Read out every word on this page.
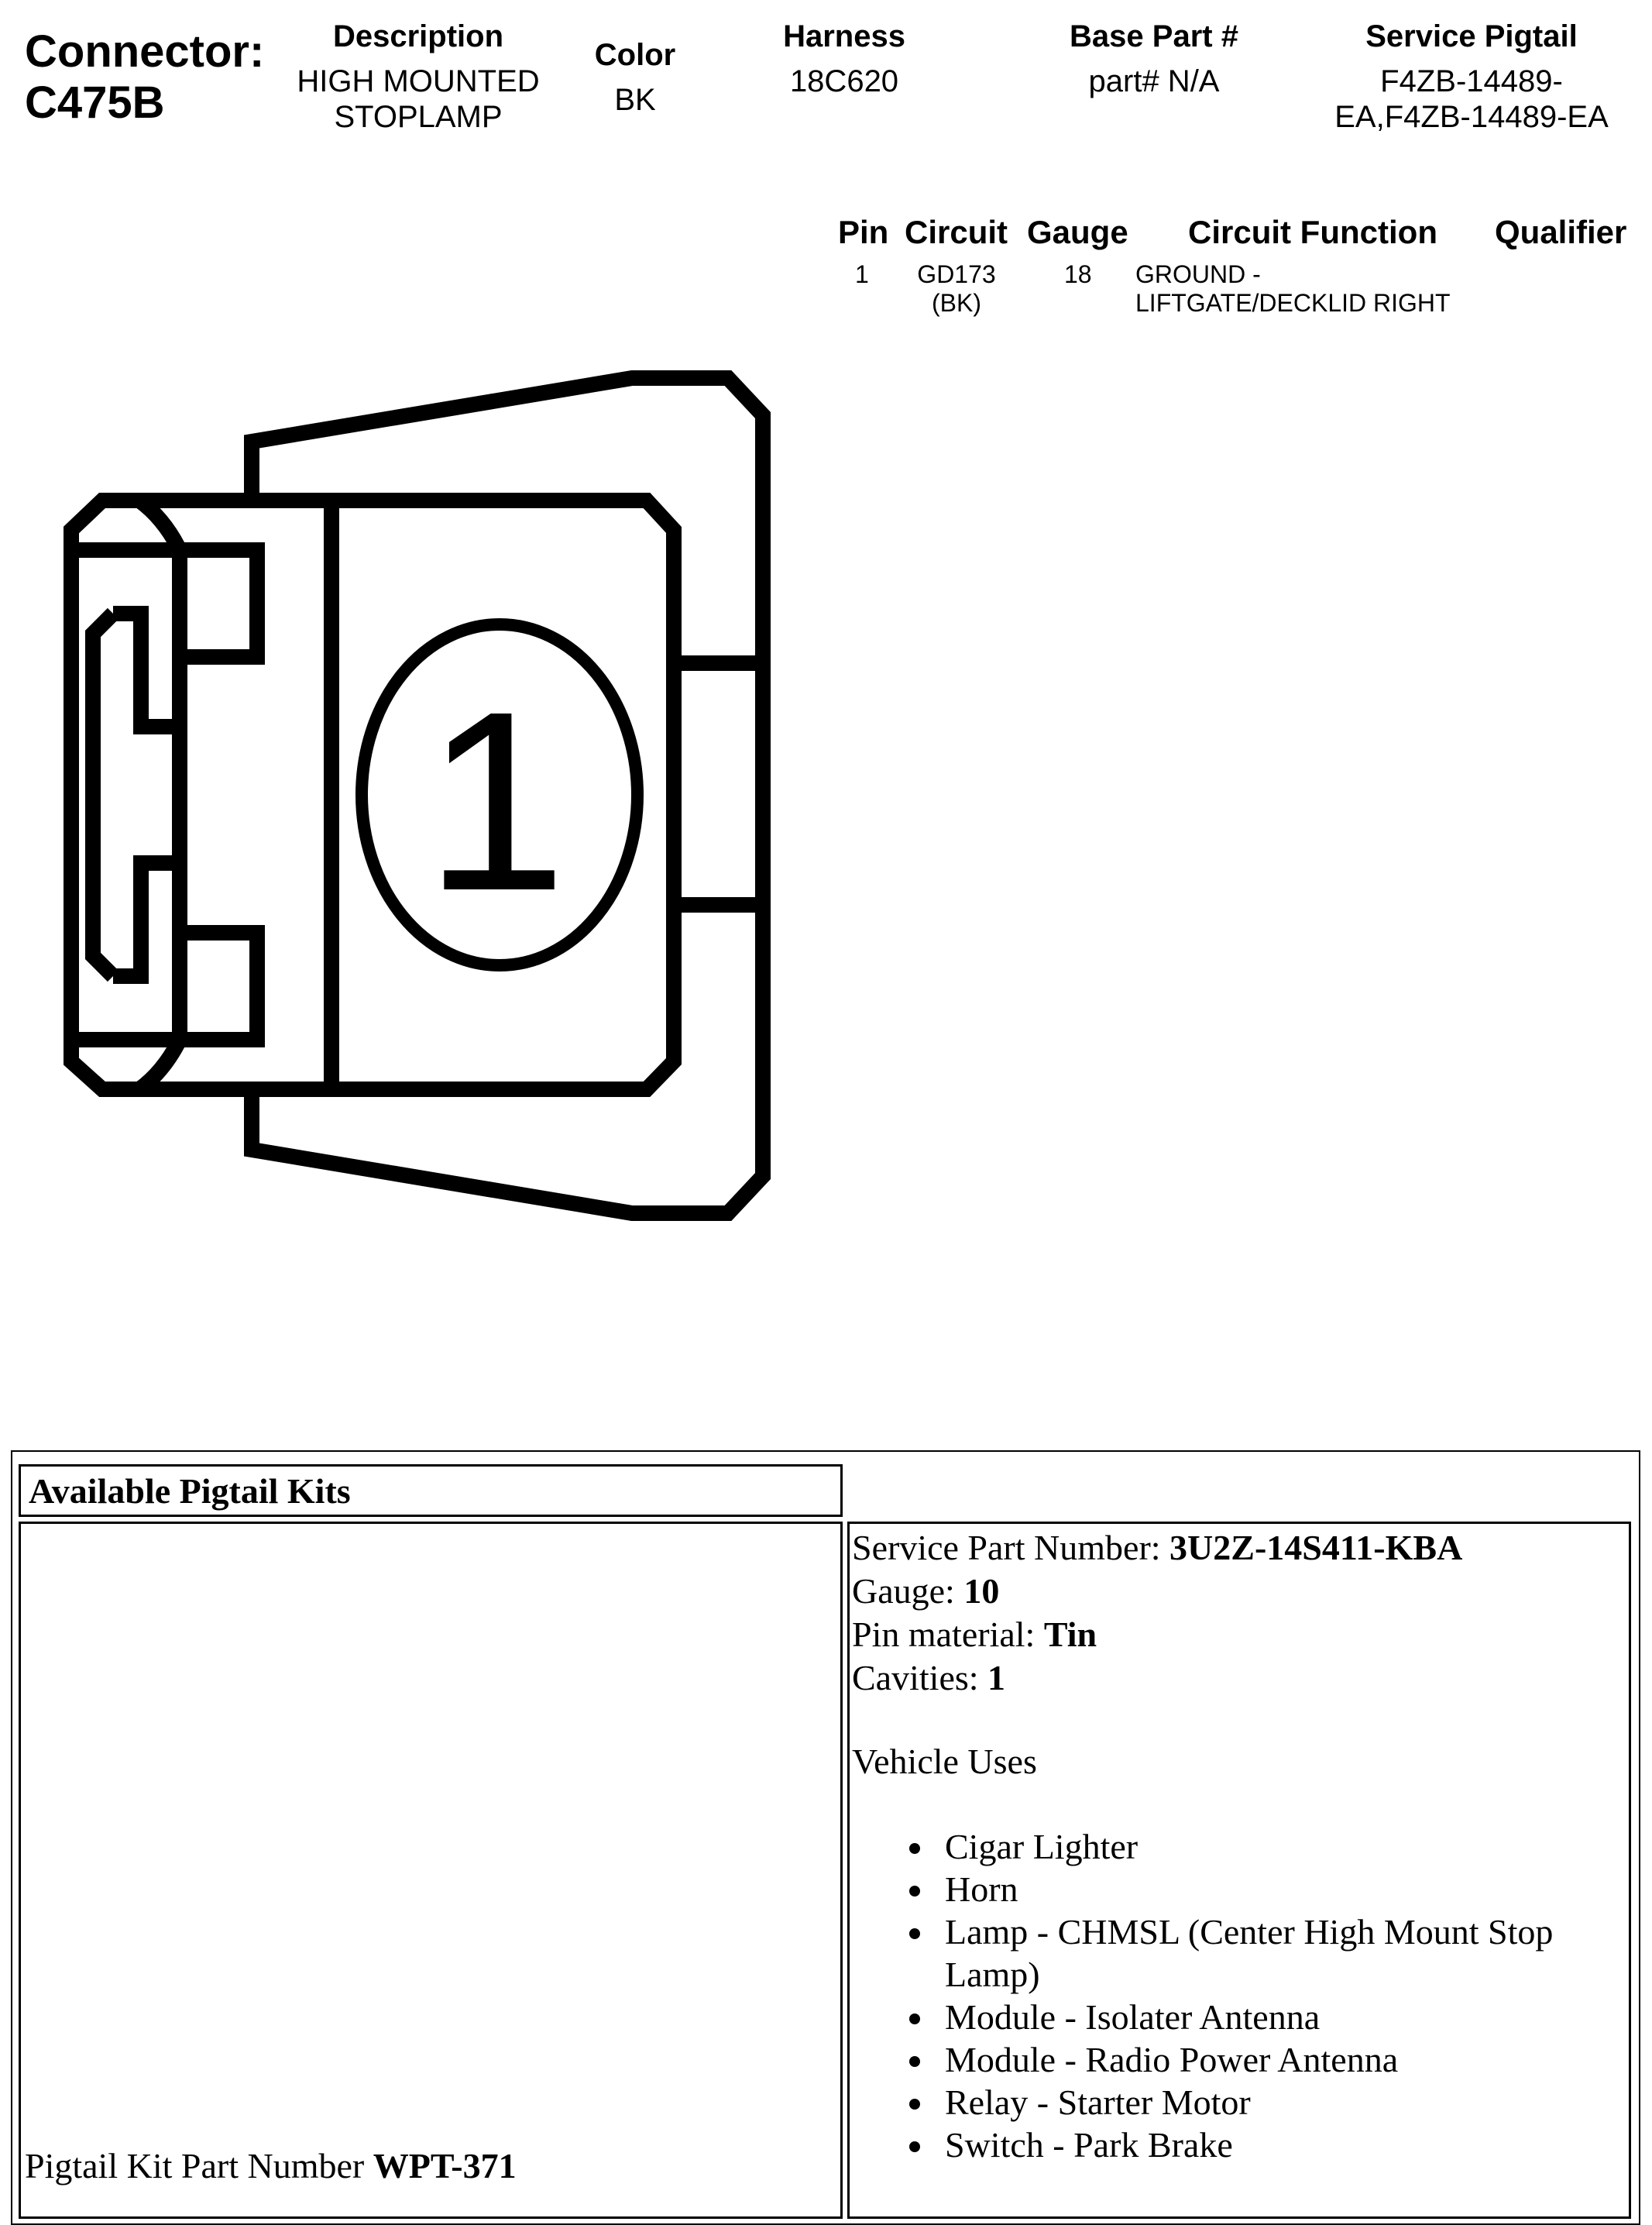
Connector:
C475B
Description
HIGH MOUNTED
STOPLAMP
Color
BK
Harness
18C620
Base Part #
part# N/A
Service Pigtail
F4ZB-14489-
EA,F4ZB-14489-EA
Pin Circuit Gauge Circuit Function Qualifier
1 GD173
(BK)
18 GROUND -
LIFTGATE/DECKLID RIGHT
1
Available Pigtail Kits
Pigtail Kit Part Number WPT-371
Service Part Number: 3U2Z-14S411-KBA
Gauge: 10
Pin material: Tin
Cavities: 1
Vehicle Uses
Cigar Lighter
Horn
Lamp - CHMSL (Center High Mount Stop Lamp)
Module - Isolater Antenna
Module - Radio Power Antenna
Relay - Starter Motor
Switch - Park Brake
